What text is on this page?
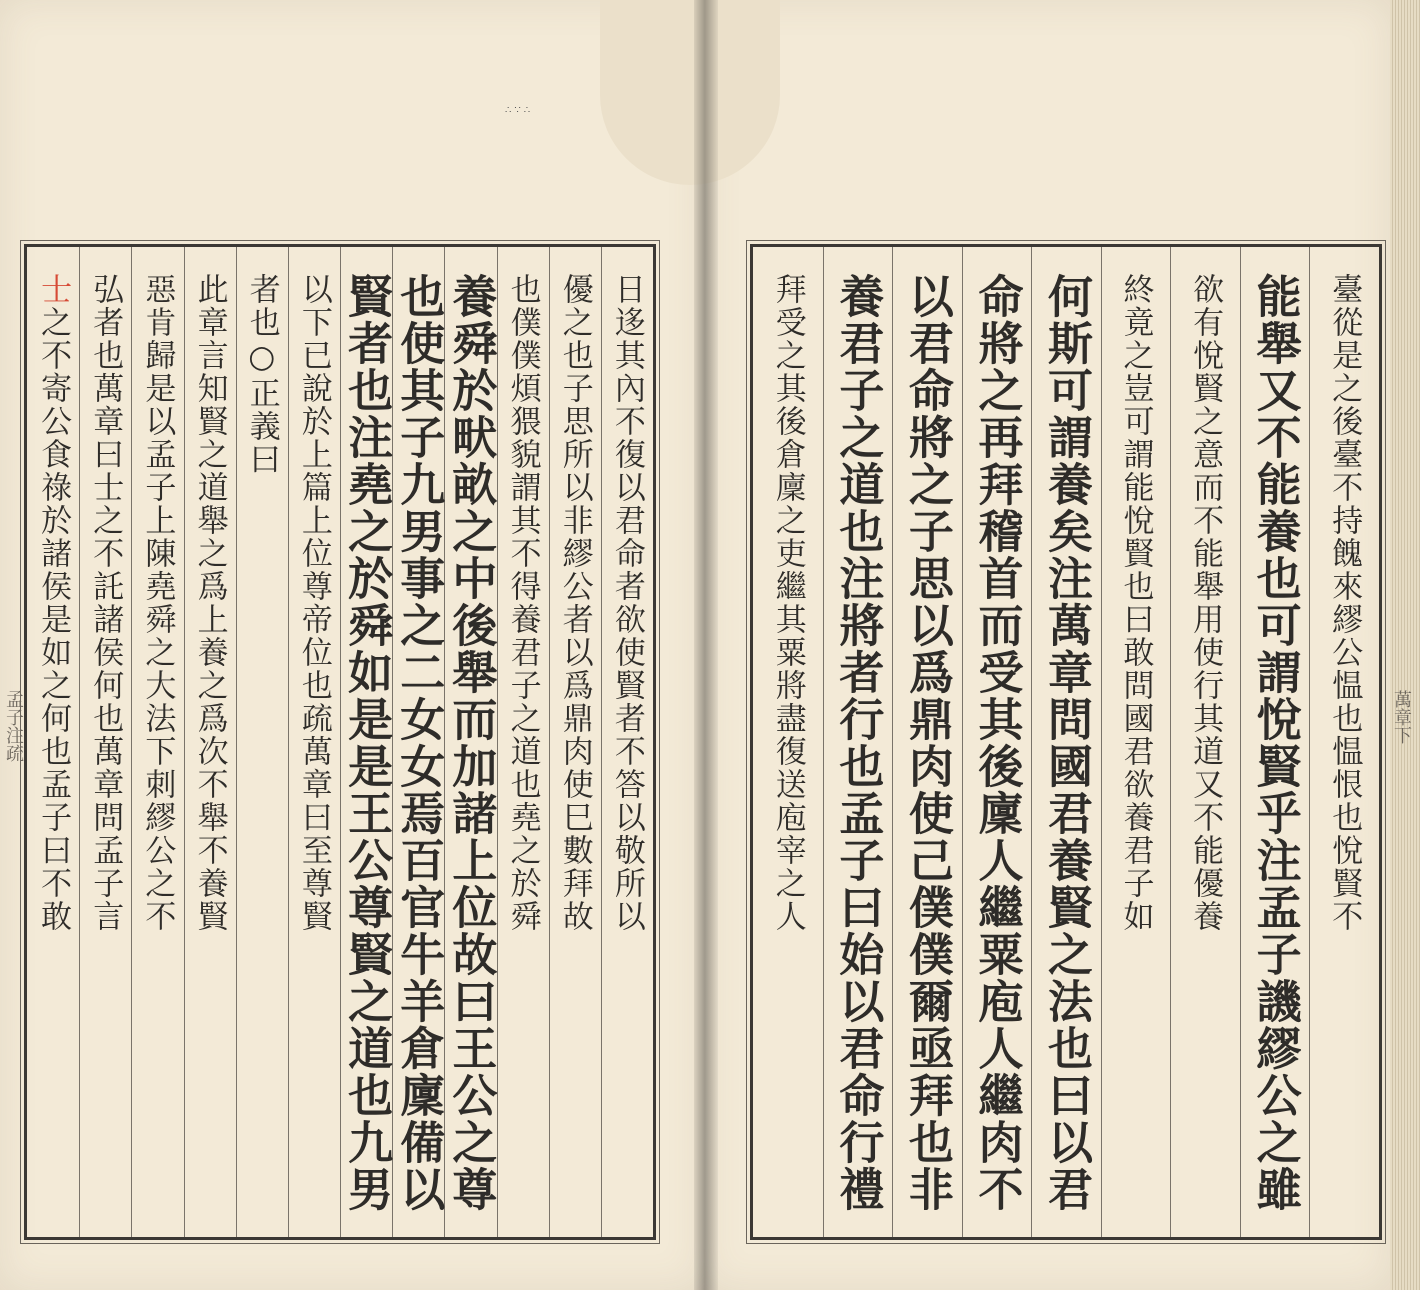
∴∵∴
日迻其內不復以君命者欲使賢者不答以敬所以
優之也子思所以非繆公者以爲鼎肉使巳數拜故
也僕僕煩猥貌謂其不得養君子之道也堯之於舜
養舜於畎畝之中後舉而加諸上位故曰王公之尊
也使其子九男事之二女女焉百官牛羊倉廩備以
賢者也注堯之於舜如是是王公尊賢之道也九男
以下已說於上篇上位尊帝位也疏萬章曰至尊賢
者也○正義曰
此章言知賢之道舉之爲上養之爲次不舉不養賢
惡肯歸是以孟子上陳堯舜之大法下刺繆公之不
弘者也萬章曰士之不託諸侯何也萬章問孟子言
士之不寄公食祿於諸侯是如之何也孟子曰不敢	臺從是之後臺不持餽來繆公愠也愠恨也悅賢不
能舉又不能養也可謂悅賢乎注孟子譏繆公之雖
欲有悅賢之意而不能舉用使行其道又不能優養
終竟之豈可謂能悅賢也曰敢問國君欲養君子如
何斯可謂養矣注萬章問國君養賢之法也曰以君
命將之再拜稽首而受其後廩人繼粟庖人繼肉不
以君命將之子思以爲鼎肉使己僕僕爾亟拜也非
養君子之道也注將者行也孟子曰始以君命行禮
拜受之其後倉廩之吏繼其粟將盡復送庖宰之人
孟子注疏	萬章下
